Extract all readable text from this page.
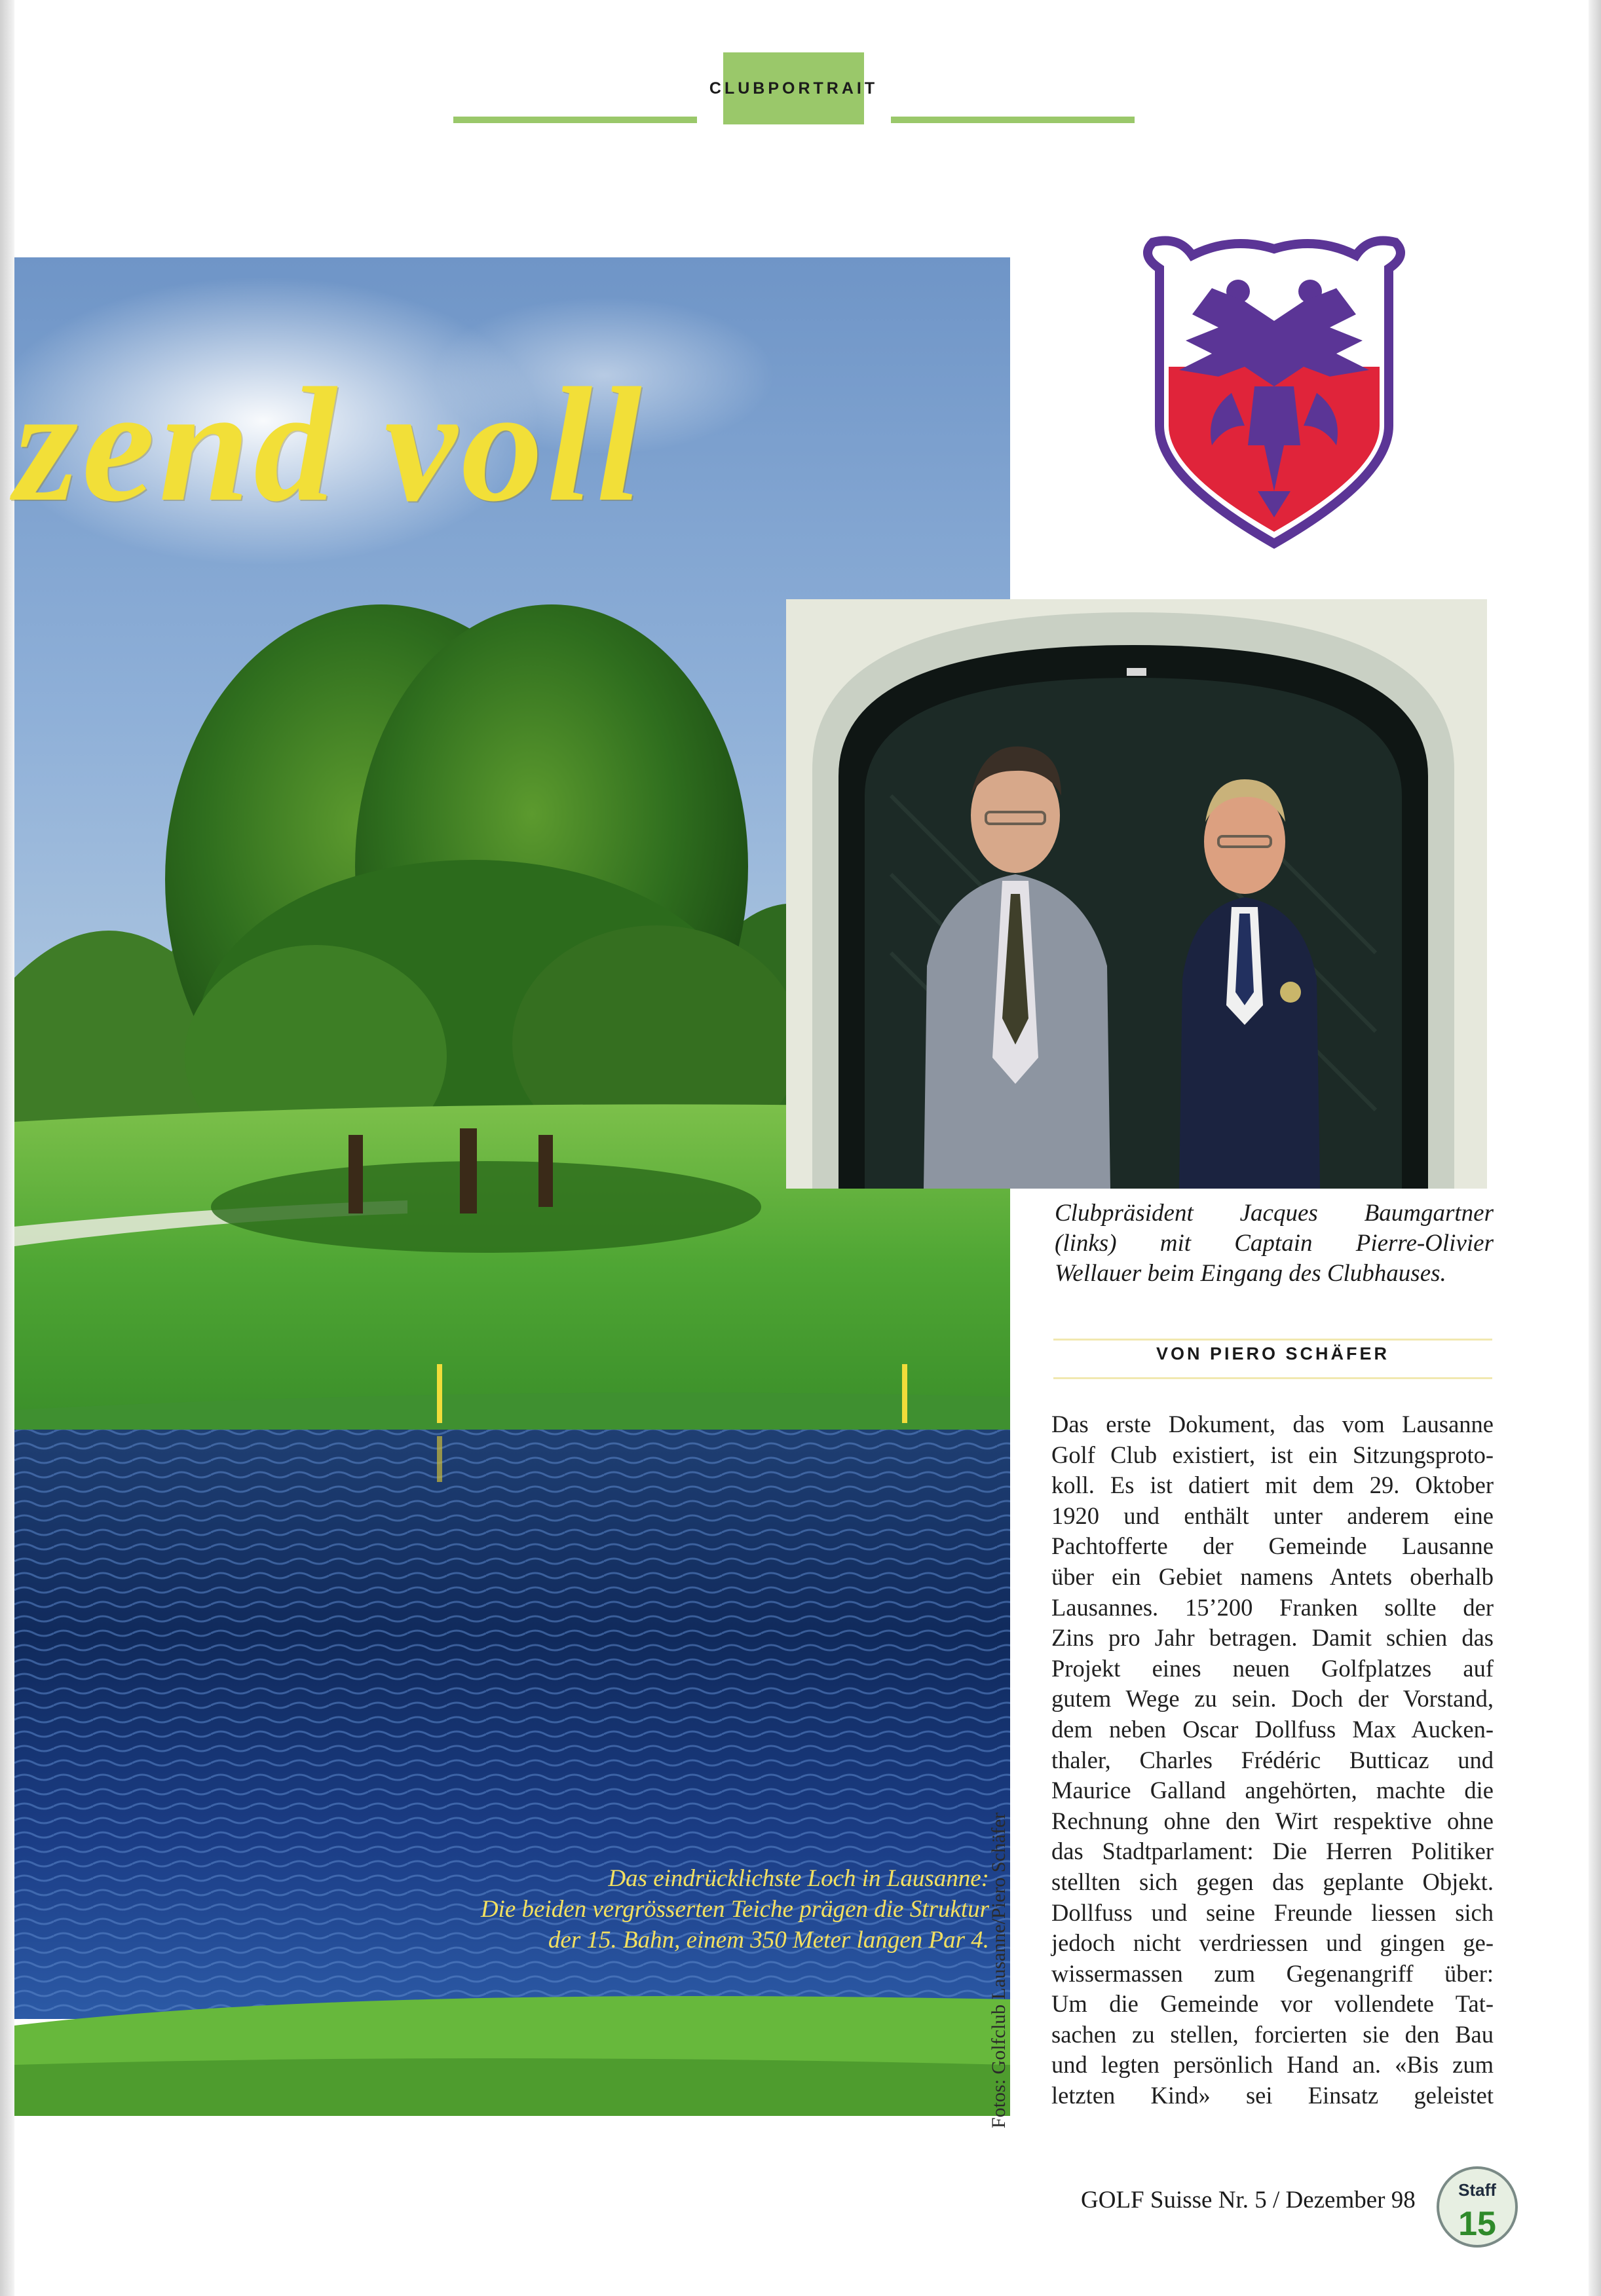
CLUBPORTRAIT
zend voll
Das eindrücklichste Loch in Lausanne:
Die beiden vergrösserten Teiche prägen die Struktur
der 15. Bahn, einem 350 Meter langen Par 4.
Fotos: Golfclub Lausanne/Piero Schäfer
Clubpräsident Jacques Baumgartner
(links) mit Captain Pierre-Olivier
Wellauer beim Eingang des Clubhauses.
VON PIERO SCHÄFER
Das erste Dokument, das vom Lausanne
Golf Club existiert, ist ein Sitzungsproto-
koll. Es ist datiert mit dem 29. Oktober
1920 und enthält unter anderem eine
Pachtofferte der Gemeinde Lausanne
über ein Gebiet namens Antets oberhalb
Lausannes. 15’200 Franken sollte der
Zins pro Jahr betragen. Damit schien das
Projekt eines neuen Golfplatzes auf
gutem Wege zu sein. Doch der Vorstand,
dem neben Oscar Dollfuss Max Aucken-
thaler, Charles Frédéric Butticaz und
Maurice Galland angehörten, machte die
Rechnung ohne den Wirt respektive ohne
das Stadtparlament: Die Herren Politiker
stellten sich gegen das geplante Objekt.
Dollfuss und seine Freunde liessen sich
jedoch nicht verdriessen und gingen ge-
wissermassen zum Gegenangriff über:
Um die Gemeinde vor vollendete Tat-
sachen zu stellen, forcierten sie den Bau
und legten persönlich Hand an. «Bis zum
letzten Kind» sei Einsatz geleistet
GOLF Suisse Nr. 5 / Dezember 98	Staff
15
